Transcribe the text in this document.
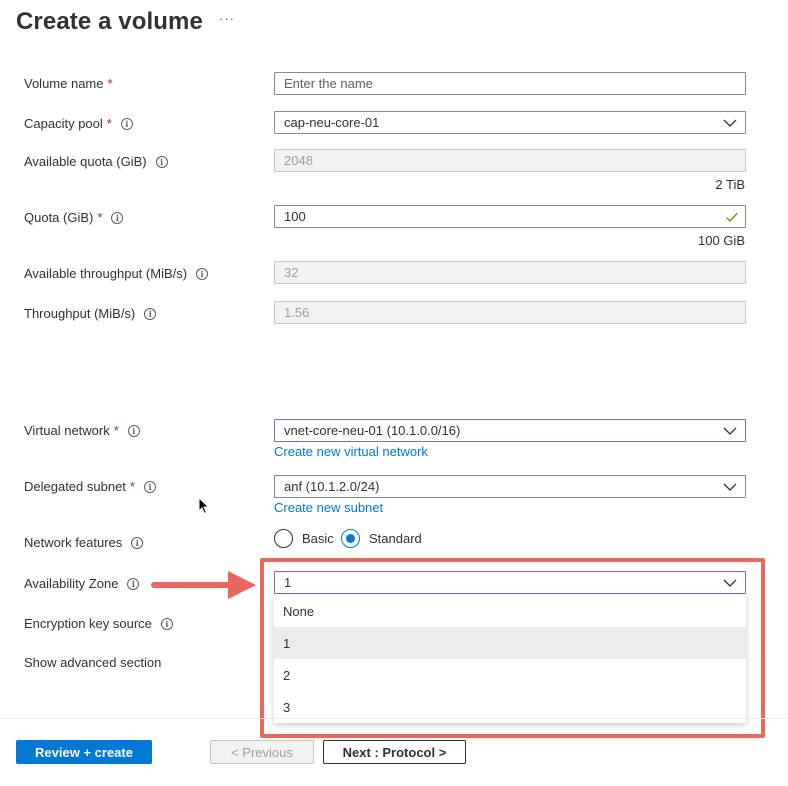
Create a volume ···
Volume name *	Enter the name
Capacity pool *	i	cap-neu-core-01
Available quota (GiB)	i	2048
2 TiB
Quota (GiB) *	i	100
100 GiB
Available throughput (MiB/s)	i	32
Throughput (MiB/s)	i	1.56
Virtual network *	i	vnet-core-neu-01 (10.1.0.0/16)
Create new virtual network
Delegated subnet *	i	anf (10.1.2.0/24)
Create new subnet
Network features	i	Basic	Standard
Availability Zone	i	1
Encryption key source	i
Show advanced section
None
1
2
3
Review + create	< Previous	Next : Protocol >
